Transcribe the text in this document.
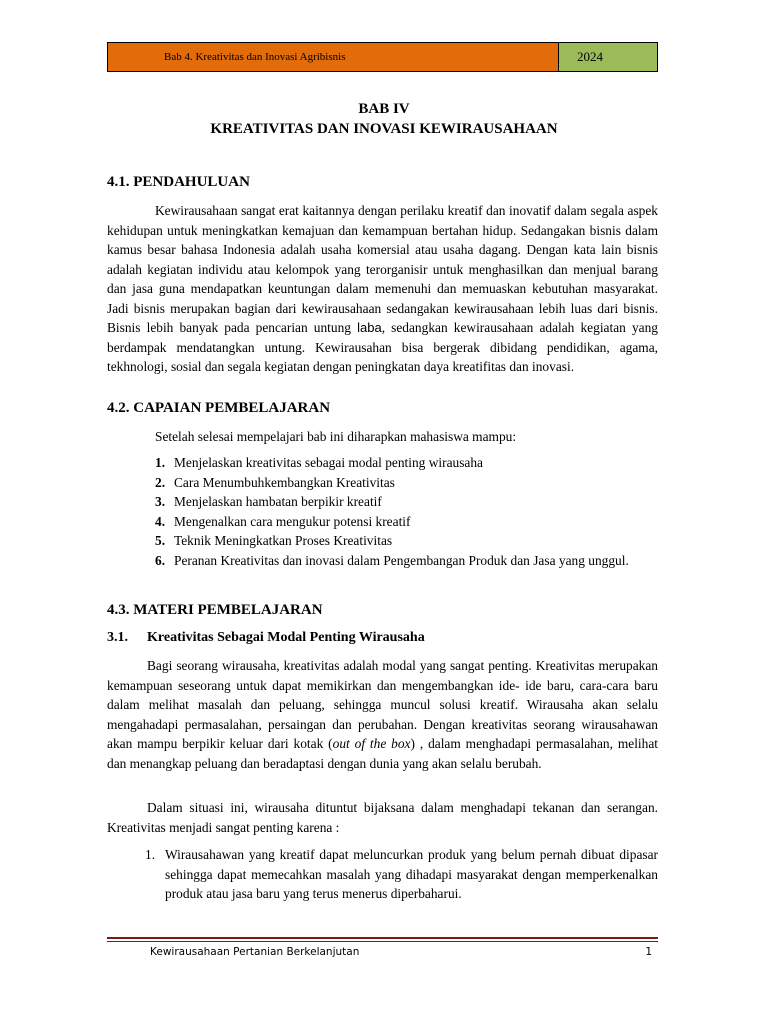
Bab 4. Kreativitas dan Inovasi Agribisnis	2024
BAB IV
KREATIVITAS DAN INOVASI KEWIRAUSAHAAN
4.1. PENDAHULUAN

Kewirausahaan sangat erat kaitannya dengan perilaku kreatif dan inovatif dalam segala aspek kehidupan untuk meningkatkan kemajuan dan kemampuan bertahan hidup. Sedangakan bisnis dalam kamus besar bahasa Indonesia adalah usaha komersial atau usaha dagang. Dengan kata lain bisnis adalah kegiatan individu atau kelompok yang terorganisir untuk menghasilkan dan menjual barang dan jasa guna mendapatkan keuntungan dalam memenuhi dan memuaskan kebutuhan masyarakat. Jadi bisnis merupakan bagian dari kewirausahaan sedangakan kewirausahaan lebih luas dari bisnis. Bisnis lebih banyak pada pencarian untung laba, sedangkan kewirausahaan adalah kegiatan yang berdampak mendatangkan untung. Kewirausahan bisa bergerak dibidang pendidikan, agama, tekhnologi, sosial dan segala kegiatan dengan peningkatan daya kreatifitas dan inovasi.

4.2. CAPAIAN PEMBELAJARAN

Setelah selesai mempelajari bab ini diharapkan mahasiswa mampu:

1. Menjelaskan kreativitas sebagai modal penting wirausaha
2. Cara Menumbuhkembangkan Kreativitas
3. Menjelaskan hambatan berpikir kreatif
4. Mengenalkan cara mengukur potensi kreatif
5. Teknik Meningkatkan Proses Kreativitas
6. Peranan Kreativitas dan inovasi dalam Pengembangan Produk dan Jasa yang unggul.
4.3. MATERI PEMBELAJARAN
3.1. Kreativitas Sebagai Modal Penting Wirausaha

Bagi seorang wirausaha, kreativitas adalah modal yang sangat penting. Kreativitas merupakan kemampuan seseorang untuk dapat memikirkan dan mengembangkan ide- ide baru, cara-cara baru dalam melihat masalah dan peluang, sehingga muncul solusi kreatif. Wirausaha akan selalu mengahadapi permasalahan, persaingan dan perubahan. Dengan kreativitas seorang wirausahawan akan mampu berpikir keluar dari kotak (out of the box) , dalam menghadapi permasalahan, melihat dan menangkap peluang dan beradaptasi dengan dunia yang akan selalu berubah.

Dalam situasi ini, wirausaha dituntut bijaksana dalam menghadapi tekanan dan serangan. Kreativitas menjadi sangat penting karena :

1. Wirausahawan yang kreatif dapat meluncurkan produk yang belum pernah dibuat dipasar sehingga dapat memecahkan masalah yang dihadapi masyarakat dengan memperkenalkan produk atau jasa baru yang terus menerus diperbaharui.
Kewirausahaan Pertanian Berkelanjutan	1
